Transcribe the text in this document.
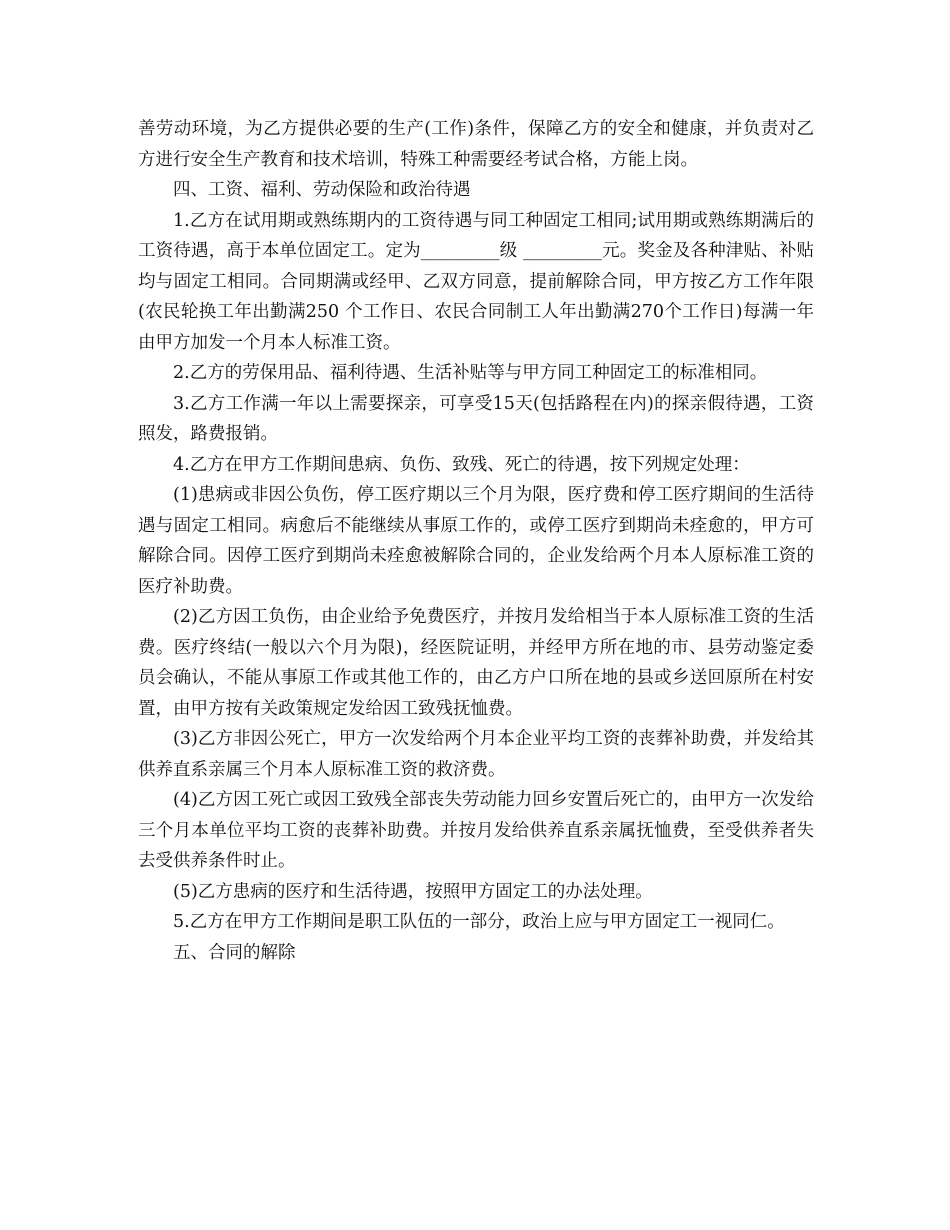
善劳动环境，为乙方提供必要的生产(工作)条件，保障乙方的安全和健康，并负责对乙方进行安全生产教育和技术培训，特殊工种需要经考试合格，方能上岗。

四、工资、福利、劳动保险和政治待遇

1.乙方在试用期或熟练期内的工资待遇与同工种固定工相同;试用期或熟练期满后的工资待遇，高于本单位固定工。定为_________级 _________元。奖金及各种津贴、补贴均与固定工相同。合同期满或经甲、乙双方同意，提前解除合同，甲方按乙方工作年限(农民轮换工年出勤满250 个工作日、农民合同制工人年出勤满270个工作日)每满一年由甲方加发一个月本人标准工资。

2.乙方的劳保用品、福利待遇、生活补贴等与甲方同工种固定工的标准相同。

3.乙方工作满一年以上需要探亲，可享受15天(包括路程在内)的探亲假待遇，工资照发，路费报销。

4.乙方在甲方工作期间患病、负伤、致残、死亡的待遇，按下列规定处理：

(1)患病或非因公负伤，停工医疗期以三个月为限，医疗费和停工医疗期间的生活待遇与固定工相同。病愈后不能继续从事原工作的，或停工医疗到期尚未痊愈的，甲方可解除合同。因停工医疗到期尚未痊愈被解除合同的，企业发给两个月本人原标准工资的医疗补助费。

(2)乙方因工负伤，由企业给予免费医疗，并按月发给相当于本人原标准工资的生活费。医疗终结(一般以六个月为限)，经医院证明，并经甲方所在地的市、县劳动鉴定委员会确认，不能从事原工作或其他工作的，由乙方户口所在地的县或乡送回原所在村安置，由甲方按有关政策规定发给因工致残抚恤费。

(3)乙方非因公死亡，甲方一次发给两个月本企业平均工资的丧葬补助费，并发给其供养直系亲属三个月本人原标准工资的救济费。

(4)乙方因工死亡或因工致残全部丧失劳动能力回乡安置后死亡的，由甲方一次发给三个月本单位平均工资的丧葬补助费。并按月发给供养直系亲属抚恤费，至受供养者失去受供养条件时止。

(5)乙方患病的医疗和生活待遇，按照甲方固定工的办法处理。

5.乙方在甲方工作期间是职工队伍的一部分，政治上应与甲方固定工一视同仁。

五、合同的解除
